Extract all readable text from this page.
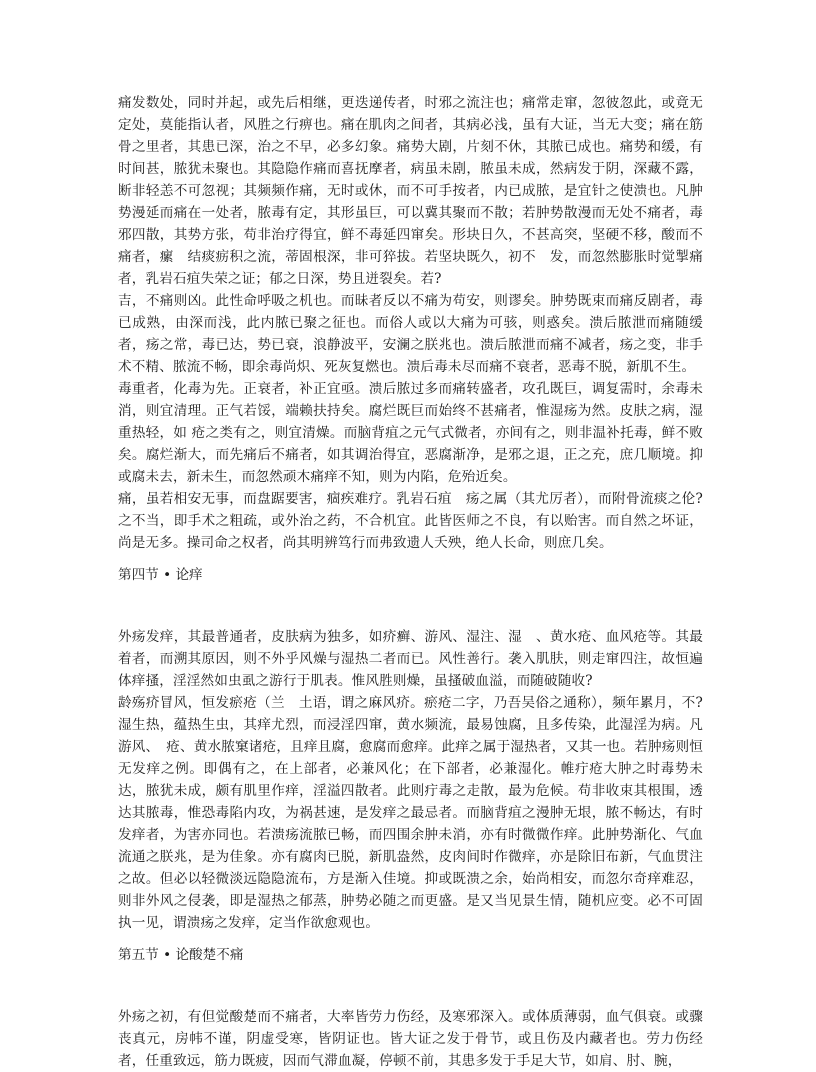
痛发数处，同时并起，或先后相继，更迭递传者，时邪之流注也；痛常走窜，忽彼忽此，或竟无定处，莫能指认者，风胜之行痹也。痛在肌肉之间者，其病必浅，虽有大证，当无大变；痛在筋骨之里者，其患已深，治之不早，必多幻象。痛势大剧，片刻不休，其脓已成也。痛势和缓，有时间甚，脓犹未聚也。其隐隐作痛而喜抚摩者，病虽未剧，脓虽未成，然病发于阴，深藏不露，断非轻恙不可忽视；其频频作痛，无时或休，而不可手按者，内已成脓，是宜针之使溃也。凡肿势漫延而痛在一处者，脓毒有定，其形虽巨，可以冀其聚而不散；若肿势散漫而无处不痛者，毒邪四散，其势方张，苟非治疗得宜，鲜不毒延四窜矣。形块日久，不甚高突，坚硬不移，酸而不痛者，瘰　结痰疬积之流，蒂固根深，非可猝拔。若坚块既久，初不　发，而忽然膨胀时觉掣痛者，乳岩石疽失荣之证；郁之日深，势且迸裂矣。若?

吉，不痛则凶。此性命呼吸之机也。而昧者反以不痛为苟安，则谬矣。肿势既束而痛反剧者，毒已成熟，由深而浅，此内脓已聚之征也。而俗人或以大痛为可骇，则惑矣。溃后脓泄而痛随缓者，疡之常，毒已达，势已衰，浪静波平，安澜之朕兆也。溃后脓泄而痛不减者，疡之变，非手术不精、脓流不畅，即余毒尚炽、死灰复燃也。溃后毒未尽而痛不衰者，恶毒不脱，新肌不生。

毒重者，化毒为先。正衰者，补正宜亟。溃后脓过多而痛转盛者，攻孔既巨，调复需时，余毒未消，则宜清理。正气若馁，端赖扶持矣。腐烂既巨而始终不甚痛者，惟湿疡为然。皮肤之病，湿重热轻，如 疮之类有之，则宜清燥。而脑背疽之元气式微者，亦间有之，则非温补托毒，鲜不败矣。腐烂渐大，而先痛后不痛者，如其调治得宜，恶腐渐净，是邪之退，正之充，庶几顺境。抑或腐未去，新未生，而忽然顽木痛痒不知，则为内陷，危殆近矣。

痛，虽若相安无事，而盘踞要害，痼疾难疗。乳岩石疽　疡之属（其尤厉者），而附骨流痰之伦?之不当，即手术之粗疏，或外治之药，不合机宜。此皆医师之不良，有以贻害。而自然之坏证，尚是无多。操司命之权者，尚其明辨笃行而弗致遗人夭殃，绝人长命，则庶几矣。

第四节 • 论痒

外疡发痒，其最普通者，皮肤病为独多，如疥癣、游风、湿注、湿　、黄水疮、血风疮等。其最着者，而溯其原因，则不外乎风燥与湿热二者而已。风性善行。袭入肌肤，则走窜四注，故恒遍体痒搔，淫淫然如虫虱之游行于肌表。惟风胜则燥，虽搔破血溢，而随破随收?

龄殇疥冒风，恒发瘀疮（兰　土语，谓之麻风疥。瘀疮二字，乃吾吴俗之通称），频年累月，不?湿生热，蕴热生虫，其痒尤烈，而浸淫四窜，黄水频流，最易蚀腐，且多传染，此湿淫为病。凡游风、　疮、黄水脓窠诸疮，且痒且腐，愈腐而愈痒。此痒之属于湿热者，又其一也。若肿疡则恒无发痒之例。即偶有之，在上部者，必兼风化；在下部者，必兼湿化。帷疔疮大肿之时毒势未达，脓犹未成，颇有肌里作痒，淫溢四散者。此则疔毒之走散，最为危候。苟非收束其根围，透达其脓毒，惟恐毒陷内攻，为祸甚速，是发痒之最忌者。而脑背疽之漫肿无垠，脓不畅达，有时发痒者，为害亦同也。若溃疡流脓已畅，而四围余肿未消，亦有时微微作痒。此肿势渐化、气血流通之朕兆，是为佳象。亦有腐肉已脱，新肌盎然，皮肉间时作微痒，亦是除旧布新，气血贯注之故。但必以轻微淡远隐隐流布，方是渐入佳境。抑或既溃之余，始尚相安，而忽尔奇痒难忍，则非外风之侵袭，即是湿热之郁蒸，肿势必随之而更盛。是又当见景生情，随机应变。必不可固执一见，谓溃疡之发痒，定当作欲愈观也。

第五节 • 论酸楚不痛

外疡之初，有但觉酸楚而不痛者，大率皆劳力伤经，及寒邪深入。或体质薄弱，血气俱衰。或骤丧真元，房帏不谨，阴虚受寒，皆阴证也。皆大证之发于骨节，或且伤及内藏者也。劳力伤经者，任重致远，筋力既疲，因而气滞血凝，停顿不前，其患多发于手足大节，如肩、肘、腕，
